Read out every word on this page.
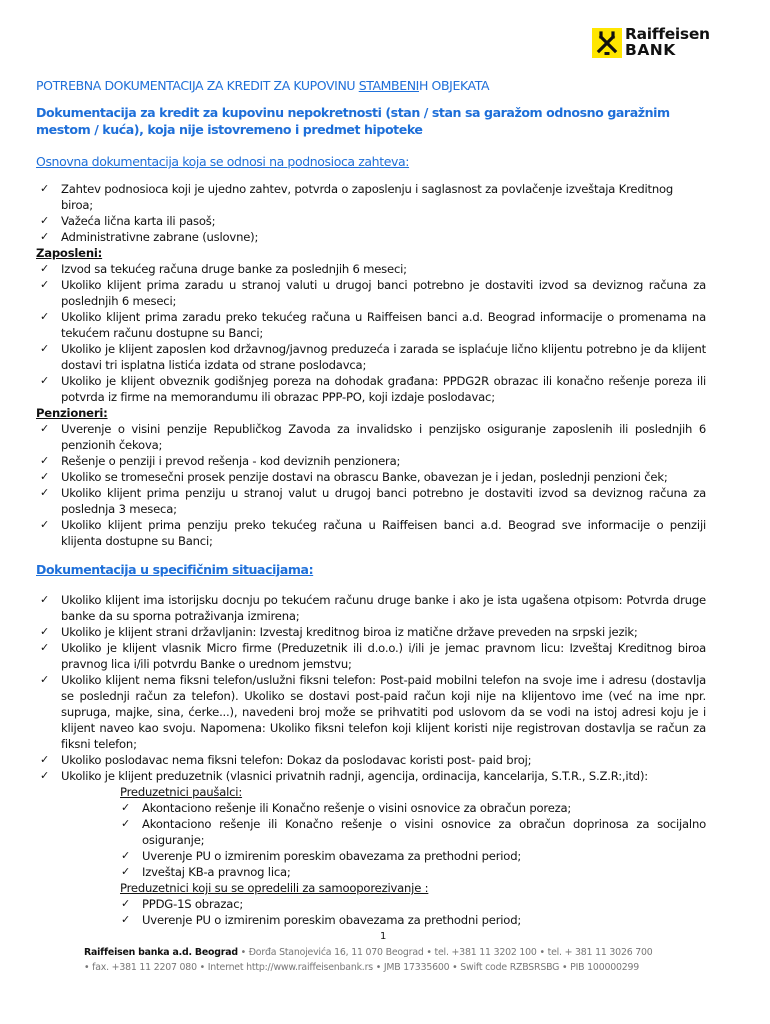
Raiffeisen
BANK
POTREBNA DOKUMENTACIJA ZA KREDIT ZA KUPOVINU STAMBENIH OBJEKATA
Dokumentacija za kredit za kupovinu nepokretnosti (stan / stan sa garažom odnosno garažnim mestom / kuća), koja nije istovremeno i predmet hipoteke
Osnovna dokumentacija koja se odnosi na podnosioca zahteva:
✓ Zahtev podnosioca koji je ujedno zahtev, potvrda o zaposlenju i saglasnost za povlačenje izveštaja Kreditnog biroa;
✓ Važeća lična karta ili pasoš;
✓ Administrativne zabrane (uslovne);
Zaposleni:
✓ Izvod sa tekućeg računa druge banke za poslednjih 6 meseci;
✓ Ukoliko klijent prima zaradu u stranoj valuti u drugoj banci potrebno je dostaviti izvod sa deviznog računa za poslednjih 6 meseci;
✓ Ukoliko klijent prima zaradu preko tekućeg računa u Raiffeisen banci a.d. Beograd informacije o promenama na tekućem računu dostupne su Banci;
✓ Ukoliko je klijent zaposlen kod državnog/javnog preduzeća i zarada se isplaćuje lično klijentu potrebno je da klijent dostavi tri isplatna listića izdata od strane poslodavca;
✓ Ukoliko je klijent obveznik godišnjeg poreza na dohodak građana: PPDG2R obrazac ili konačno rešenje poreza ili potvrda iz firme na memorandumu ili obrazac PPP-PO, koji izdaje poslodavac;
Penzioneri:
✓ Uverenje o visini penzije Republičkog Zavoda za invalidsko i penzijsko osiguranje zaposlenih ili poslednjih 6 penzionih čekova;
✓ Rešenje o penziji i prevod rešenja - kod deviznih penzionera;
✓ Ukoliko se tromesečni prosek penzije dostavi na obrascu Banke, obavezan je i jedan, poslednji penzioni ček;
✓ Ukoliko klijent prima penziju u stranoj valut u drugoj banci potrebno je dostaviti izvod sa deviznog računa za poslednja 3 meseca;
✓ Ukoliko klijent prima penziju preko tekućeg računa u Raiffeisen banci a.d. Beograd sve informacije o penziji klijenta dostupne su Banci;
Dokumentacija u specifičnim situacijama:
✓ Ukoliko klijent ima istorijsku docnju po tekućem računu druge banke i ako je ista ugašena otpisom: Potvrda druge banke da su sporna potraživanja izmirena;
✓ Ukoliko je klijent strani državljanin: Izvestaj kreditnog biroa iz matične države preveden na srpski jezik;
✓ Ukoliko je klijent vlasnik Micro firme (Preduzetnik ili d.o.o.) i/ili je jemac pravnom licu: Izveštaj Kreditnog biroa pravnog lica i/ili potvrdu Banke o urednom jemstvu;
✓ Ukoliko klijent nema fiksni telefon/uslužni fiksni telefon: Post-paid mobilni telefon na svoje ime i adresu (dostavlja se poslednji račun za telefon). Ukoliko se dostavi post-paid račun koji nije na klijentovo ime (već na ime npr. supruga, majke, sina, ćerke...), navedeni broj može se prihvatiti pod uslovom da se vodi na istoj adresi koju je i klijent naveo kao svoju. Napomena: Ukoliko fiksni telefon koji klijent koristi nije registrovan dostavlja se račun za fiksni telefon;
✓ Ukoliko poslodavac nema fiksni telefon: Dokaz da poslodavac koristi post- paid broj;
✓ Ukoliko je klijent preduzetnik (vlasnici privatnih radnji, agencija, ordinacija, kancelarija, S.T.R., S.Z.R:,itd):
Preduzetnici paušalci:
✓ Akontaciono rešenje ili Konačno rešenje o visini osnovice za obračun poreza;
✓ Akontaciono rešenje ili Konačno rešenje o visini osnovice za obračun doprinosa za socijalno osiguranje;
✓ Uverenje PU o izmirenim poreskim obavezama za prethodni period;
✓ Izveštaj KB-a pravnog lica;
Preduzetnici koji su se opredelili za samooporezivanje :
✓ PPDG-1S obrazac;
✓ Uverenje PU o izmirenim poreskim obavezama za prethodni period;
1
Raiffeisen banka a.d. Beograd • Đorđa Stanojevića 16, 11 070 Beograd • tel. +381 11 3202 100 • tel. + 381 11 3026 700
• fax. +381 11 2207 080 • Internet http://www.raiffeisenbank.rs • JMB 17335600 • Swift code RZBSRSBG • PIB 100000299
